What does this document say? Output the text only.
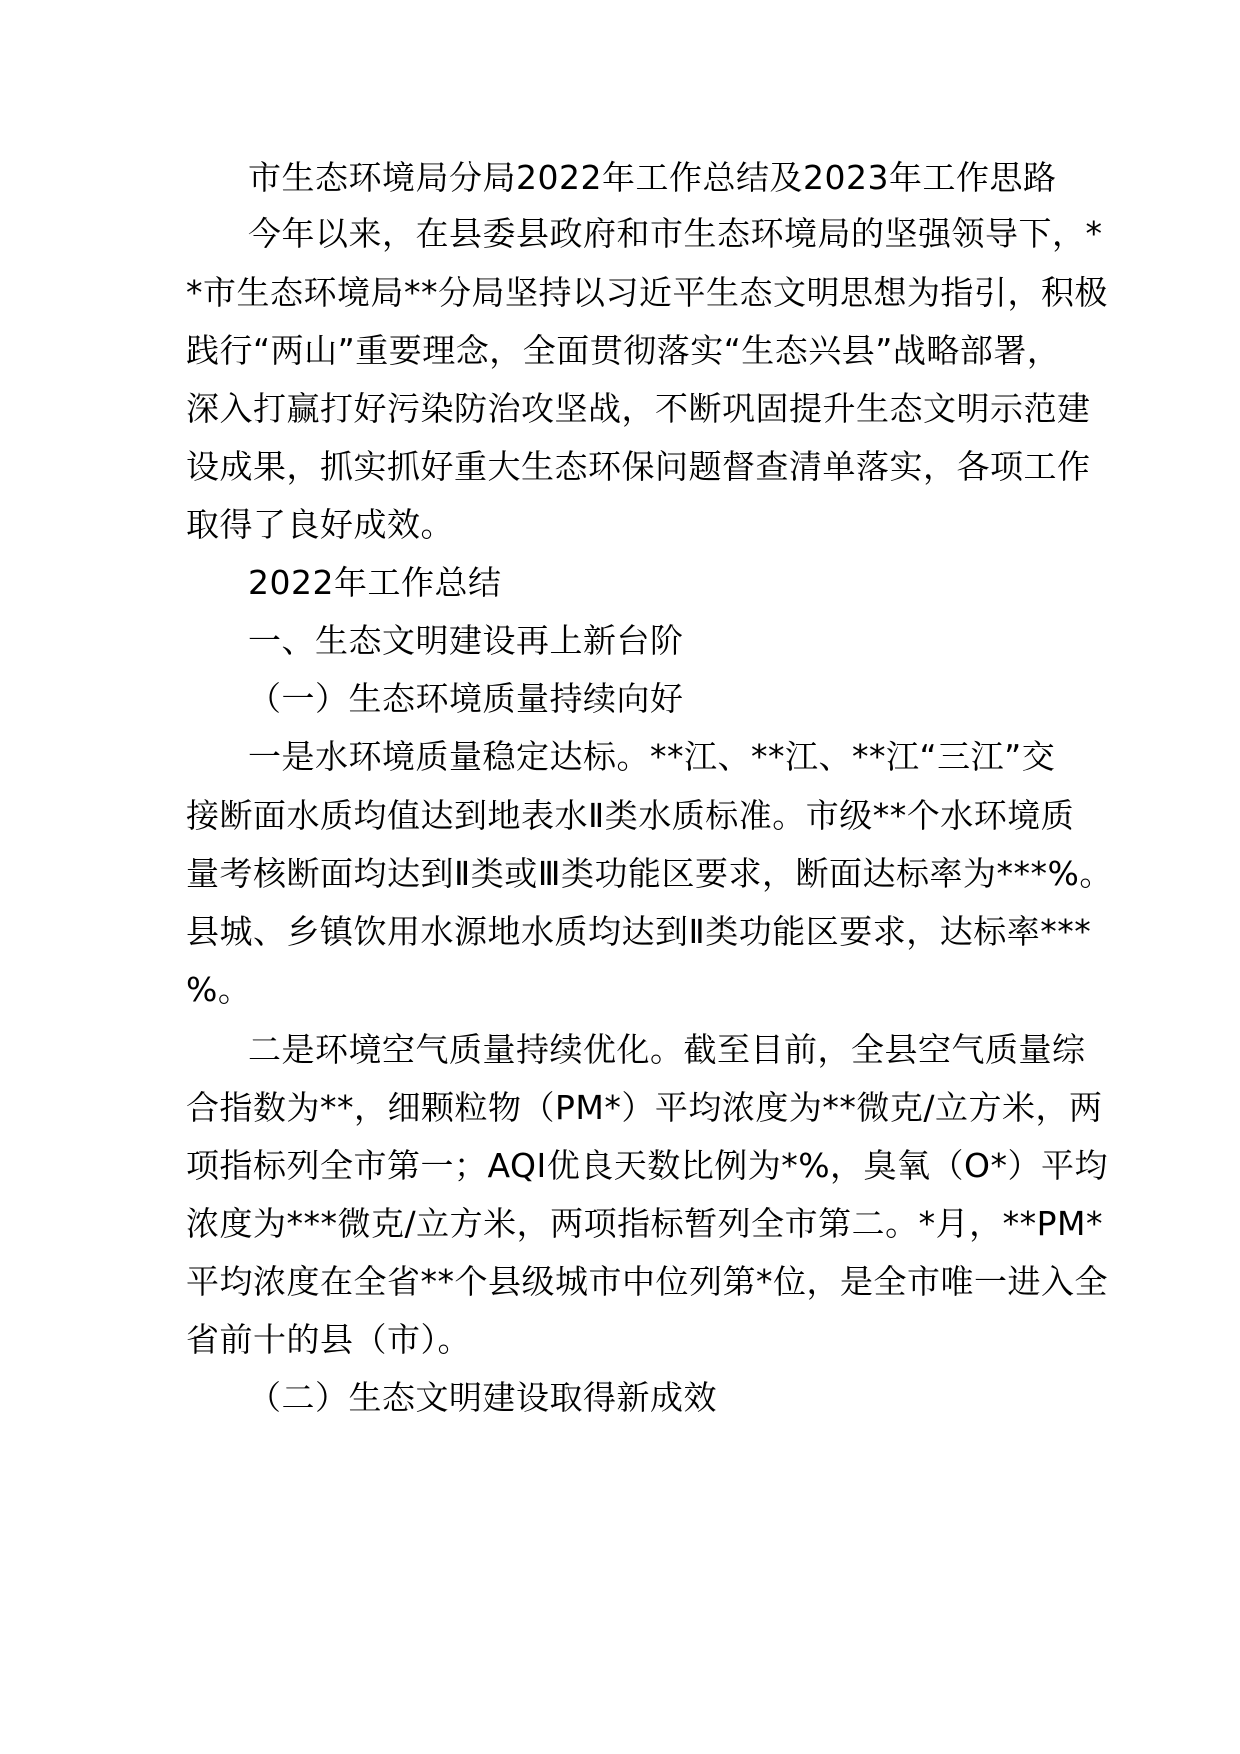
市生态环境局分局2022年工作总结及2023年工作思路
今年以来，在县委县政府和市生态环境局的坚强领导下，*
*市生态环境局**分局坚持以习近平生态文明思想为指引，积极
践行“两山”重要理念，全面贯彻落实“生态兴县”战略部署，
深入打赢打好污染防治攻坚战，不断巩固提升生态文明示范建
设成果，抓实抓好重大生态环保问题督查清单落实，各项工作
取得了良好成效。
2022年工作总结
一、生态文明建设再上新台阶
（一）生态环境质量持续向好
一是水环境质量稳定达标。**江、**江、**江“三江”交
接断面水质均值达到地表水Ⅱ类水质标准。市级**个水环境质
量考核断面均达到Ⅱ类或Ⅲ类功能区要求，断面达标率为***%。
县城、乡镇饮用水源地水质均达到Ⅱ类功能区要求，达标率***
%。
二是环境空气质量持续优化。截至目前，全县空气质量综
合指数为**，细颗粒物（PM*）平均浓度为**微克/立方米，两
项指标列全市第一；AQI优良天数比例为*%，臭氧（O*）平均
浓度为***微克/立方米，两项指标暂列全市第二。*月，**PM*
平均浓度在全省**个县级城市中位列第*位，是全市唯一进入全
省前十的县（市）。
（二）生态文明建设取得新成效
